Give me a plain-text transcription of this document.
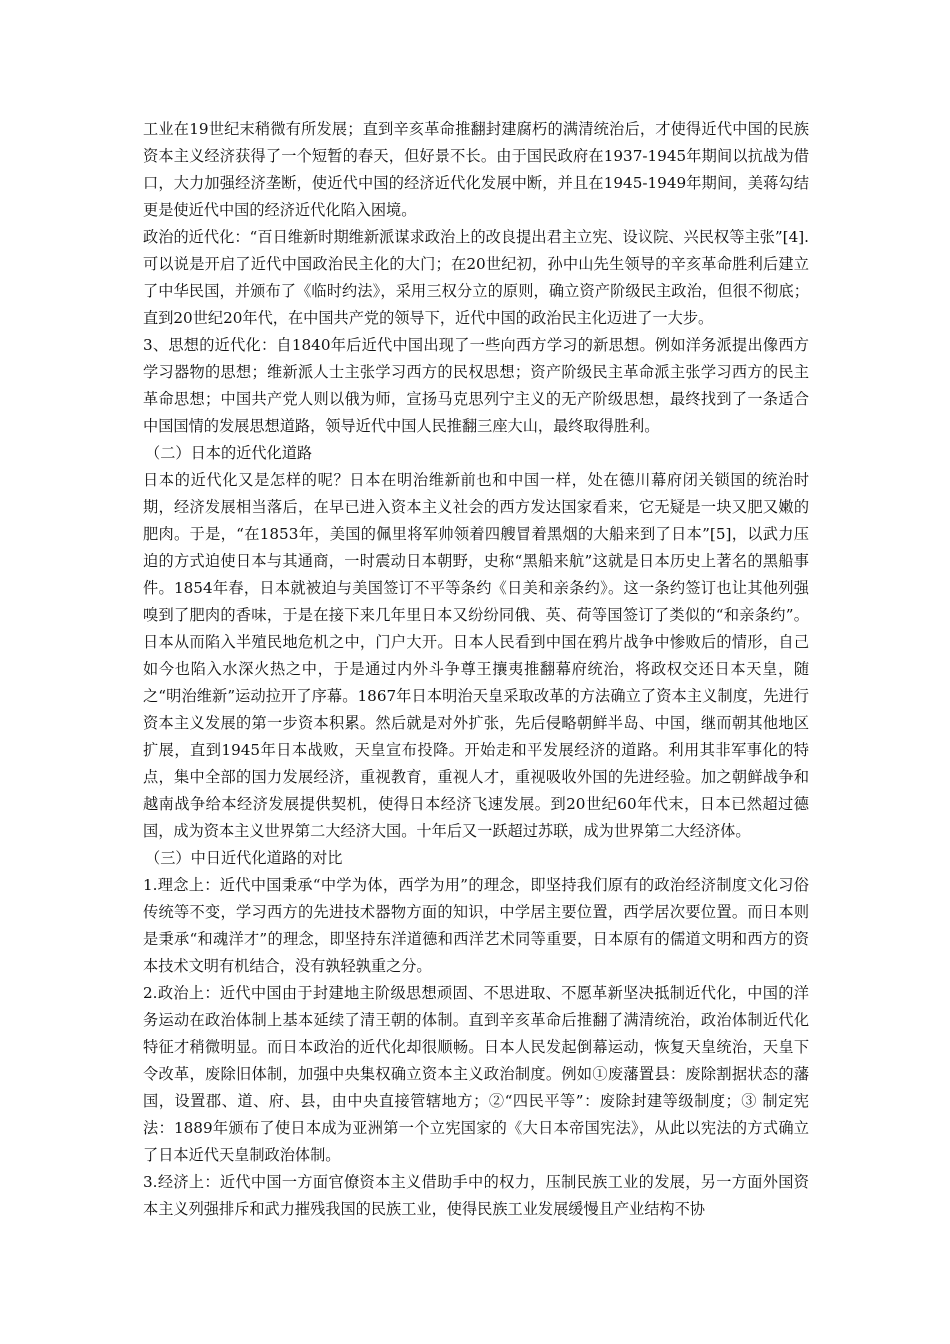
工业在19世纪末稍微有所发展；直到辛亥革命推翻封建腐朽的满清统治后，才使得近代中国的民族资本主义经济获得了一个短暂的春天，但好景不长。由于国民政府在1937-1945年期间以抗战为借口，大力加强经济垄断，使近代中国的经济近代化发展中断，并且在1945-1949年期间，美蒋勾结更是使近代中国的经济近代化陷入困境。

政治的近代化：“百日维新时期维新派谋求政治上的改良提出君主立宪、设议院、兴民权等主张”[4].可以说是开启了近代中国政治民主化的大门；在20世纪初，孙中山先生领导的辛亥革命胜利后建立了中华民国，并颁布了《临时约法》，采用三权分立的原则，确立资产阶级民主政治，但很不彻底；直到20世纪20年代，在中国共产党的领导下，近代中国的政治民主化迈进了一大步。

3、思想的近代化：自1840年后近代中国出现了一些向西方学习的新思想。例如洋务派提出像西方学习器物的思想；维新派人士主张学习西方的民权思想；资产阶级民主革命派主张学习西方的民主革命思想；中国共产党人则以俄为师，宣扬马克思列宁主义的无产阶级思想，最终找到了一条适合中国国情的发展思想道路，领导近代中国人民推翻三座大山，最终取得胜利。

（二）日本的近代化道路

日本的近代化又是怎样的呢？日本在明治维新前也和中国一样，处在德川幕府闭关锁国的统治时期，经济发展相当落后，在早已进入资本主义社会的西方发达国家看来，它无疑是一块又肥又嫩的肥肉。于是，“在1853年，美国的佩里将军帅领着四艘冒着黑烟的大船来到了日本”[5]，以武力压迫的方式迫使日本与其通商，一时震动日本朝野，史称“黑船来航”这就是日本历史上著名的黑船事件。1854年春，日本就被迫与美国签订不平等条约《日美和亲条约》。这一条约签订也让其他列强嗅到了肥肉的香味，于是在接下来几年里日本又纷纷同俄、英、荷等国签订了类似的“和亲条约”。日本从而陷入半殖民地危机之中，门户大开。日本人民看到中国在鸦片战争中惨败后的情形，自己如今也陷入水深火热之中，于是通过内外斗争尊王攘夷推翻幕府统治，将政权交还日本天皇，随之“明治维新”运动拉开了序幕。1867年日本明治天皇采取改革的方法确立了资本主义制度，先进行资本主义发展的第一步资本积累。然后就是对外扩张，先后侵略朝鲜半岛、中国，继而朝其他地区扩展，直到1945年日本战败，天皇宣布投降。开始走和平发展经济的道路。利用其非军事化的特点，集中全部的国力发展经济，重视教育，重视人才，重视吸收外国的先进经验。加之朝鲜战争和越南战争给本经济发展提供契机，使得日本经济飞速发展。到20世纪60年代末，日本已然超过德国，成为资本主义世界第二大经济大国。十年后又一跃超过苏联，成为世界第二大经济体。

（三）中日近代化道路的对比

1.理念上：近代中国秉承“中学为体，西学为用”的理念，即坚持我们原有的政治经济制度文化习俗传统等不变，学习西方的先进技术器物方面的知识，中学居主要位置，西学居次要位置。而日本则是秉承“和魂洋才”的理念，即坚持东洋道德和西洋艺术同等重要，日本原有的儒道文明和西方的资本技术文明有机结合，没有孰轻孰重之分。

2.政治上：近代中国由于封建地主阶级思想顽固、不思进取、不愿革新坚决抵制近代化，中国的洋务运动在政治体制上基本延续了清王朝的体制。直到辛亥革命后推翻了满清统治，政治体制近代化特征才稍微明显。而日本政治的近代化却很顺畅。日本人民发起倒幕运动，恢复天皇统治，天皇下令改革，废除旧体制，加强中央集权确立资本主义政治制度。例如①废藩置县：废除割据状态的藩国，设置郡、道、府、县，由中央直接管辖地方；②“四民平等”：废除封建等级制度；③ 制定宪法：1889年颁布了使日本成为亚洲第一个立宪国家的《大日本帝国宪法》，从此以宪法的方式确立了日本近代天皇制政治体制。

3.经济上：近代中国一方面官僚资本主义借助手中的权力，压制民族工业的发展，另一方面外国资本主义列强排斥和武力摧残我国的民族工业，使得民族工业发展缓慢且产业结构不协
